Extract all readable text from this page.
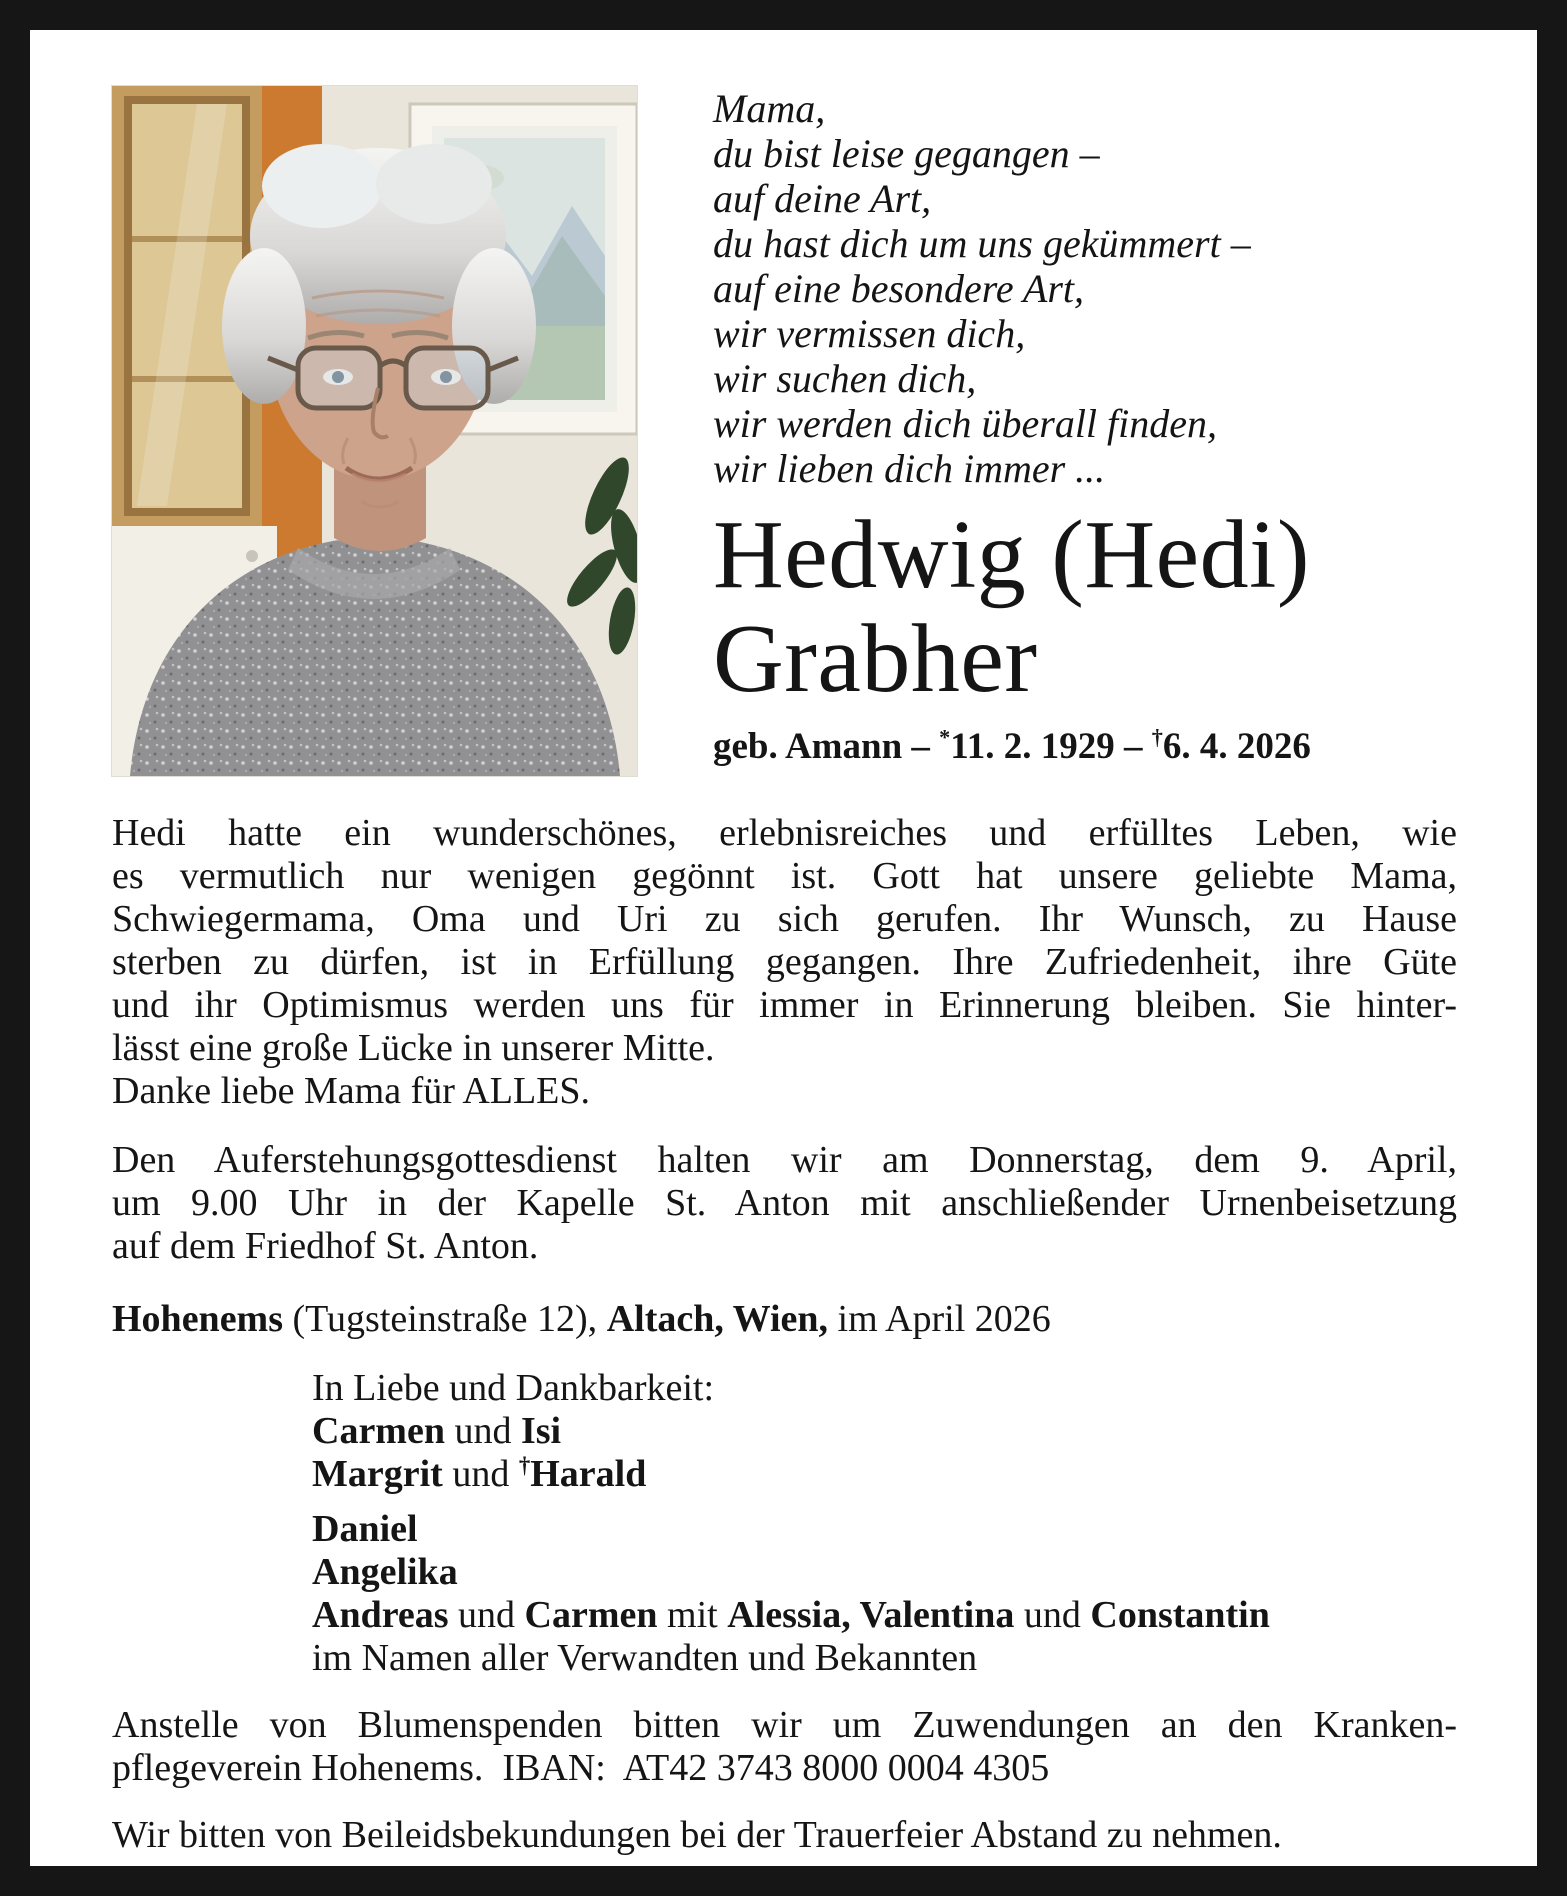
Mama,
du bist leise gegangen –
auf deine Art,
du hast dich um uns gekümmert –
auf eine besondere Art,
wir vermissen dich,
wir suchen dich,
wir werden dich überall finden,
wir lieben dich immer ...
Hedwig (Hedi)
Grabher
geb. Amann – *11. 2. 1929 – †6. 4. 2026
Hedi hatte ein wunderschönes, erlebnisreiches und erfülltes Leben, wie
es vermutlich nur wenigen gegönnt ist. Gott hat unsere geliebte Mama,
Schwiegermama, Oma und Uri zu sich gerufen. Ihr Wunsch, zu Hause
sterben zu dürfen, ist in Erfüllung gegangen. Ihre Zufriedenheit, ihre Güte
und ihr Optimismus werden uns für immer in Erinnerung bleiben. Sie hinter-
lässt eine große Lücke in unserer Mitte.
Danke liebe Mama für ALLES.
Den Auferstehungsgottesdienst halten wir am Donnerstag, dem 9. April,
um 9.00 Uhr in der Kapelle St. Anton mit anschließender Urnenbeisetzung
auf dem Friedhof St. Anton.
Hohenems (Tugsteinstraße 12), Altach, Wien, im April 2026
In Liebe und Dankbarkeit:
Carmen und Isi
Margrit und †Harald
Daniel
Angelika
Andreas und Carmen mit Alessia, Valentina und Constantin
im Namen aller Verwandten und Bekannten
Anstelle von Blumenspenden bitten wir um Zuwendungen an den Kranken-
pflegeverein Hohenems.  IBAN:  AT42 3743 8000 0004 4305
Wir bitten von Beileidsbekundungen bei der Trauerfeier Abstand zu nehmen.
